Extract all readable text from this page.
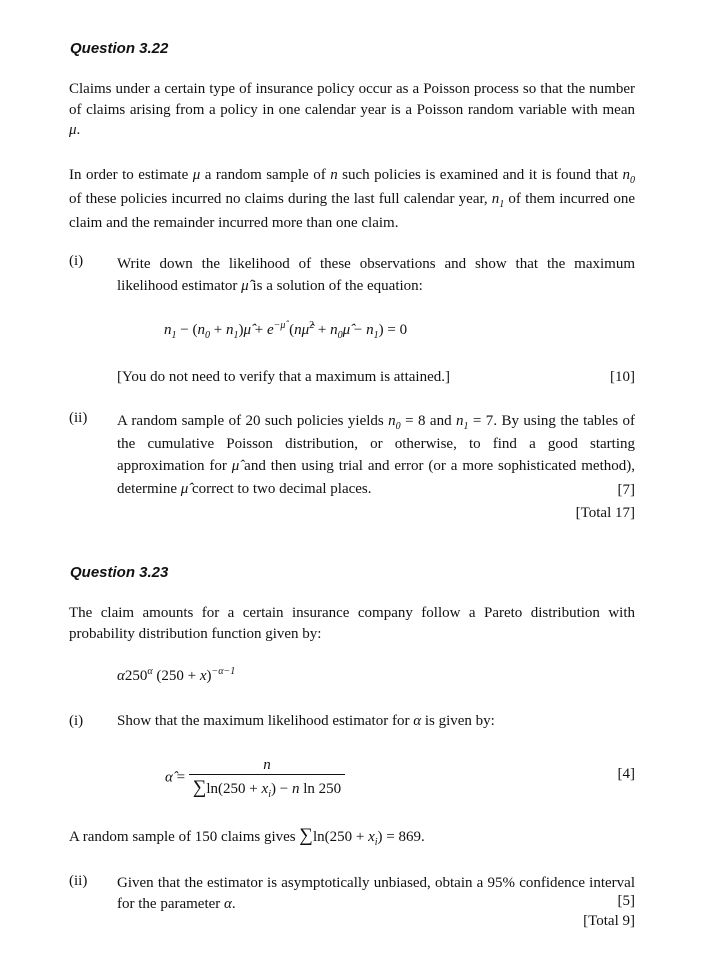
Question 3.22
Claims under a certain type of insurance policy occur as a Poisson process so that the number of claims arising from a policy in one calendar year is a Poisson random variable with mean μ.
In order to estimate μ a random sample of n such policies is examined and it is found that $n_0$ of these policies incurred no claims during the last full calendar year, $n_1$ of them incurred one claim and the remainder incurred more than one claim.
(i) Write down the likelihood of these observations and show that the maximum likelihood estimator μ̂ is a solution of the equation:
$n_1 - (n_0$ + $n_1)\mû + e^{-\mû}$ (nμ̂$^2$ + $n_0\mû - n_1) = 0$
[You do not need to verify that a maximum is attained.]	[10]
(ii) A random sample of 20 such policies yields $n_0 = 8$ and $n_1 = 7$. By using the tables of the cumulative Poisson distribution, or otherwise, to find a good starting approximation for μ̂ and then using trial and error (or a more sophisticated method), determine μ̂ correct to two decimal places.	[7]
[Total 17]
Question 3.23
The claim amounts for a certain insurance company follow a Pareto distribution with probability distribution function given by:
$\alpha 250^\alpha$ $(250 + x)^{-\alpha-1}$
(i) Show that the maximum likelihood estimator for α is given by:
α̂ = $\frac{n}{\sum\ln(250 + x_i) - n \ln 250}$	[4]
A random sample of 150 claims gives $\sum\ln(250 + x_i) = 869$.
(ii) Given that the estimator is asymptotically unbiased, obtain a 95% confidence interval for the parameter α.	[5]
[Total 9]
